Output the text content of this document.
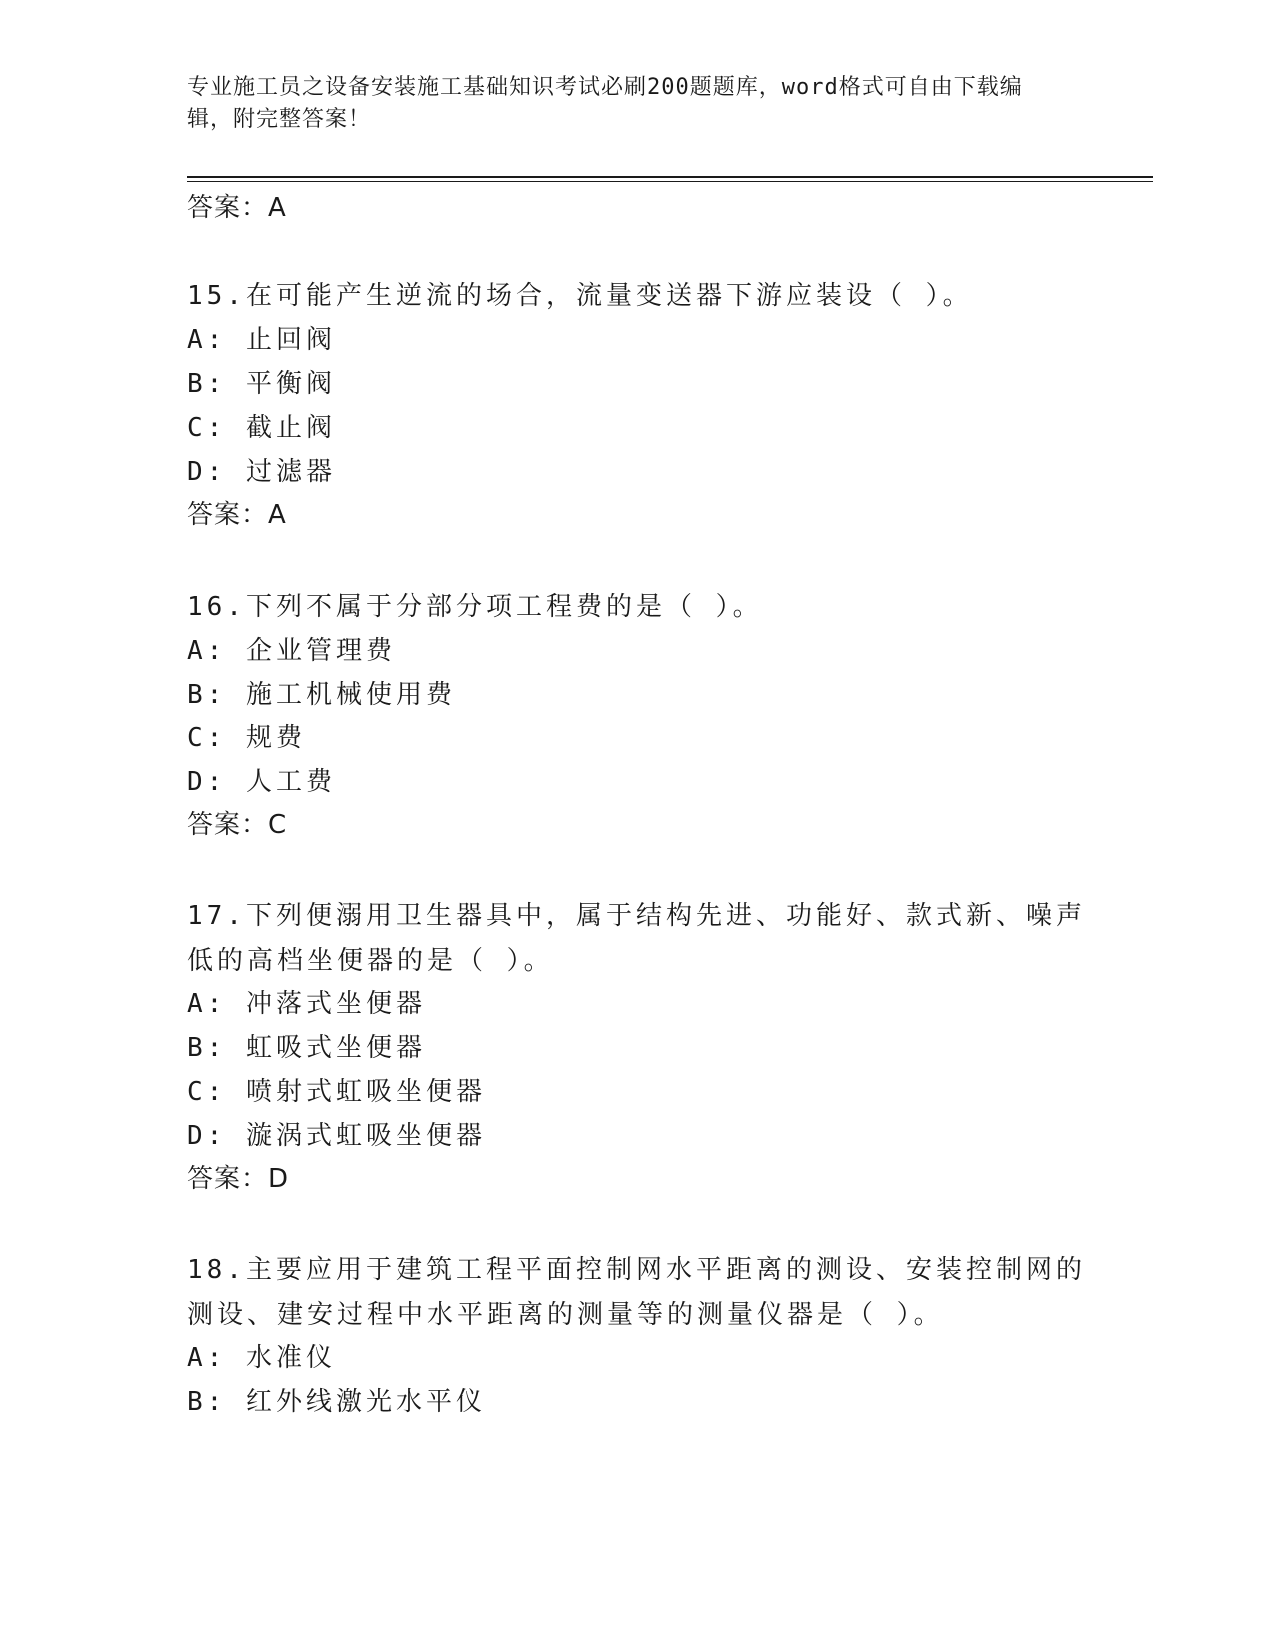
专业施工员之设备安装施工基础知识考试必刷200题题库，word格式可自由下载编辑，附完整答案！
答案：A
15.在可能产生逆流的场合，流量变送器下游应装设（ ）。
A: 止回阀
B: 平衡阀
C: 截止阀
D: 过滤器
答案：A
16.下列不属于分部分项工程费的是（ ）。
A: 企业管理费
B: 施工机械使用费
C: 规费
D: 人工费
答案：C
17.下列便溺用卫生器具中，属于结构先进、功能好、款式新、噪声低的高档坐便器的是（ ）。
A: 冲落式坐便器
B: 虹吸式坐便器
C: 喷射式虹吸坐便器
D: 漩涡式虹吸坐便器
答案：D
18.主要应用于建筑工程平面控制网水平距离的测设、安装控制网的测设、建安过程中水平距离的测量等的测量仪器是（ ）。
A: 水准仪
B: 红外线激光水平仪
